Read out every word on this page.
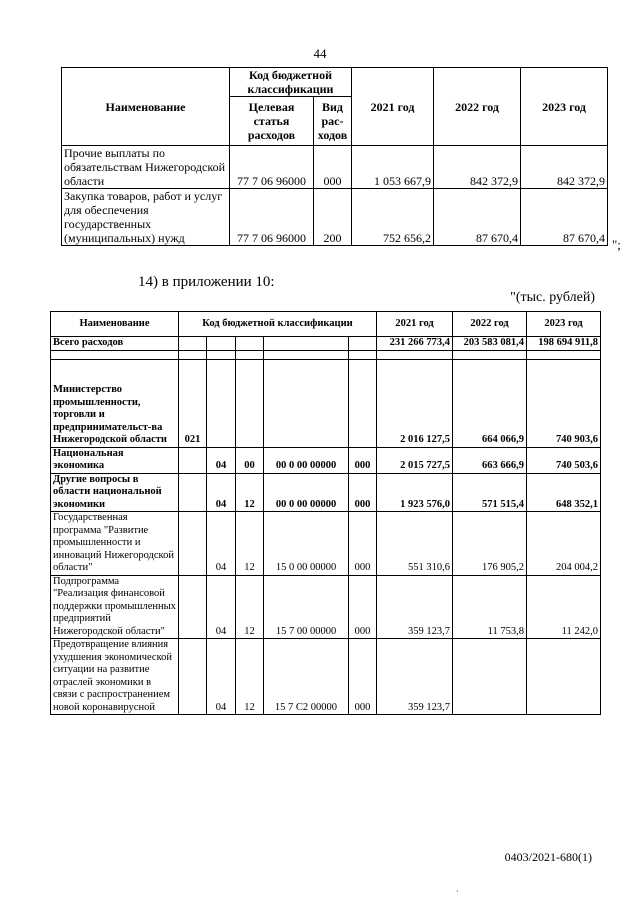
44
Наименование	Код бюджетной классификации		2021 год	2022 год	2023 год
	Целевая статья расходов	Вид рас-ходов			
Прочие выплаты по обязательствам Нижегородской области	77 7 06 96000	000	1 053 667,9	842 372,9	842 372,9
Закупка товаров, работ и услуг для обеспечения государственных (муниципальных) нужд	77 7 06 96000	200	752 656,2	87 670,4	87 670,4 ";
14) в приложении 10:
"(тыс. рублей)
Наименование	Код бюджетной классификации					2021 год	2022 год	2023 год
Всего расходов						231 266 773,4	203 583 081,4	198 694 911,8

Министерство промышленности, торговли и предпринимательст-ва Нижегородской области	021					2 016 127,5	664 066,9	740 903,6
Национальная экономика		04	00	00 0 00 00000	000	2 015 727,5	663 666,9	740 503,6
Другие вопросы в области национальной экономики		04	12	00 0 00 00000	000	1 923 576,0	571 515,4	648 352,1
Государственная программа "Развитие промышленности и инноваций Нижегородской области"		04	12	15 0 00 00000	000	551 310,6	176 905,2	204 004,2
Подпрограмма "Реализация финансовой поддержки промышленных предприятий Нижегородской области"		04	12	15 7 00 00000	000	359 123,7	11 753,8	11 242,0
Предотвращение влияния ухудшения экономической ситуации на развитие отраслей экономики в связи с распространением новой коронавирусной		04	12	15 7 C2 00000	000	359 123,7		
0403/2021-680(1)
·
